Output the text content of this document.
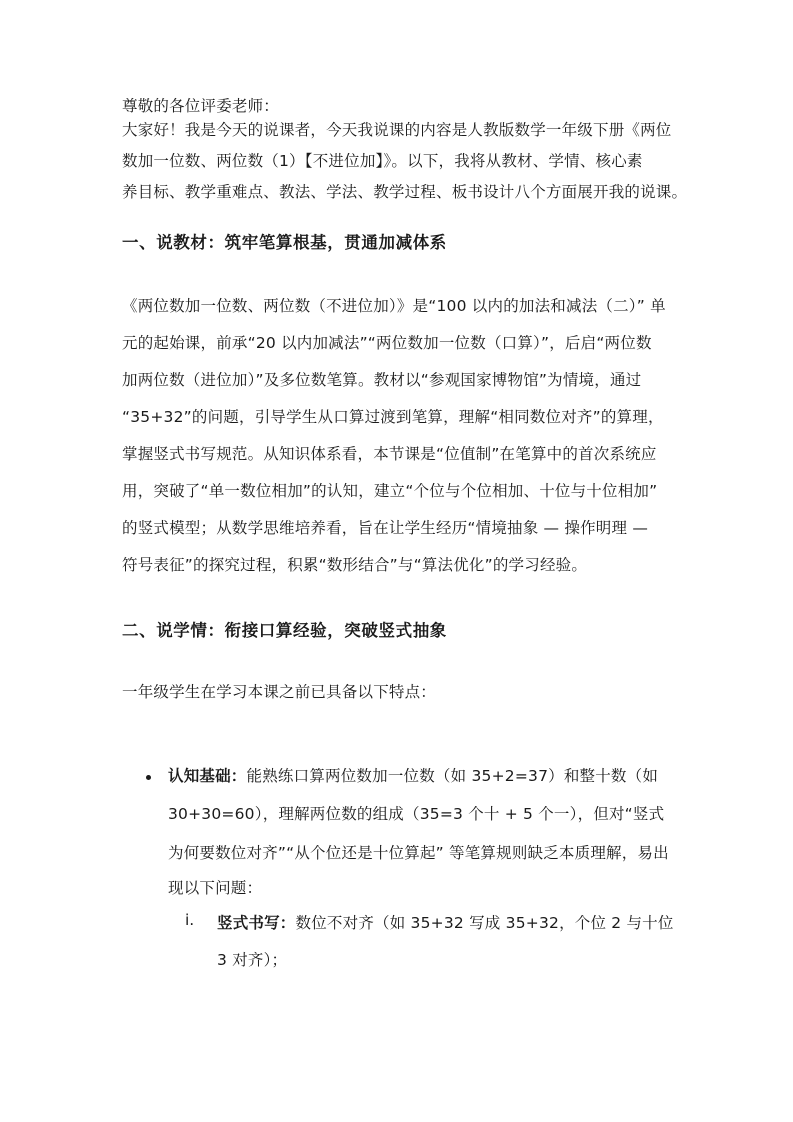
尊敬的各位评委老师：
大家好！我是今天的说课者，今天我说课的内容是人教版数学一年级下册《两位
数加一位数、两位数（1）【不进位加】》。以下，我将从教材、学情、核心素
养目标、教学重难点、教法、学法、教学过程、板书设计八个方面展开我的说课。
一、说教材：筑牢笔算根基，贯通加减体系
《两位数加一位数、两位数（不进位加）》是“100 以内的加法和减法（二）” 单
元的起始课，前承“20 以内加减法”“两位数加一位数（口算）”，后启“两位数
加两位数（进位加）”及多位数笔算。教材以“参观国家博物馆”为情境，通过
“35+32”的问题，引导学生从口算过渡到笔算，理解“相同数位对齐”的算理，
掌握竖式书写规范。从知识体系看，本节课是“位值制”在笔算中的首次系统应
用，突破了“单一数位相加”的认知，建立“个位与个位相加、十位与十位相加”
的竖式模型；从数学思维培养看，旨在让学生经历“情境抽象 — 操作明理 —
符号表征”的探究过程，积累“数形结合”与“算法优化”的学习经验。
二、说学情：衔接口算经验，突破竖式抽象
一年级学生在学习本课之前已具备以下特点：
认知基础：能熟练口算两位数加一位数（如 35+2=37）和整十数（如
30+30=60），理解两位数的组成（35=3 个十 + 5 个一），但对“竖式
为何要数位对齐”“从个位还是十位算起” 等笔算规则缺乏本质理解，易出
现以下问题：
i. 竖式书写：数位不对齐（如 35+32 写成 35+32，个位 2 与十位
3 对齐）；
